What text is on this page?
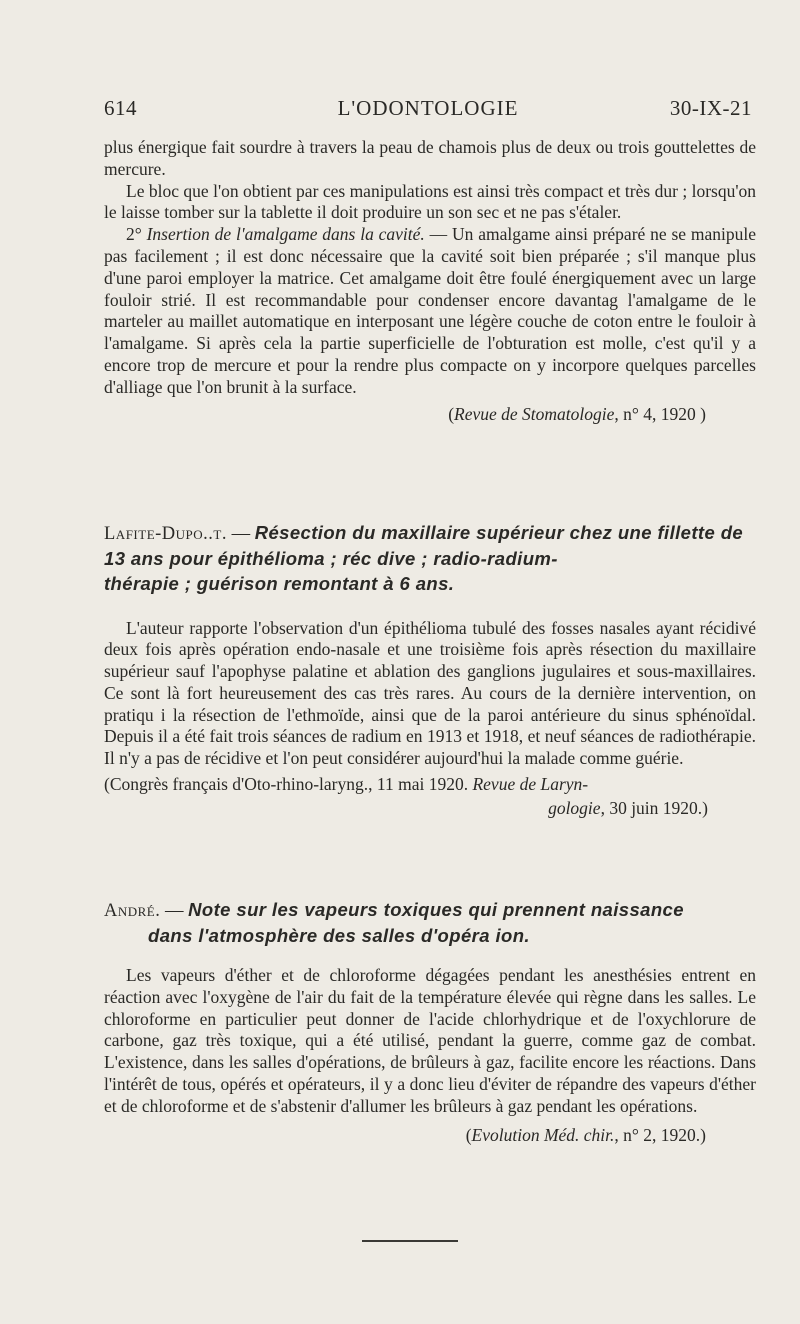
614	L'ODONTOLOGIE	30-IX-21

plus énergique fait sourdre à travers la peau de chamois plus de deux ou trois gouttelettes de mercure.

Le bloc que l'on obtient par ces manipulations est ainsi très compact et très dur ; lorsqu'on le laisse tomber sur la tablette il doit produire un son sec et ne pas s'étaler.

2° Insertion de l'amalgame dans la cavité. — Un amalgame ainsi préparé ne se manipule pas facilement ; il est donc nécessaire que la cavité soit bien préparée ; s'il manque plus d'une paroi employer la matrice. Cet amalgame doit être foulé énergiquement avec un large fouloir strié. Il est recommandable pour condenser encore davantag l'amalgame de le marteler au maillet automatique en interposant une légère couche de coton entre le fouloir à l'amalgame. Si après cela la partie superficielle de l'obturation est molle, c'est qu'il y a encore trop de mercure et pour la rendre plus compacte on y incorpore quelques parcelles d'alliage que l'on brunit à la surface.

(Revue de Stomatologie, n° 4, 1920 )

Lafite-Dupo..t. — Résection du maxillaire supérieur chez une fillette de 13 ans pour épithélioma ; réc dive ; radio-radium-
thérapie ; guérison remontant à 6 ans.

L'auteur rapporte l'observation d'un épithélioma tubulé des fosses nasales ayant récidivé deux fois après opération endo-nasale et une troisième fois après résection du maxillaire supérieur sauf l'apophyse palatine et ablation des ganglions jugulaires et sous-maxillaires. Ce sont là fort heureusement des cas très rares. Au cours de la dernière intervention, on pratiqu i la résection de l'ethmoïde, ainsi que de la paroi antérieure du sinus sphénoïdal. Depuis il a été fait trois séances de radium en 1913 et 1918, et neuf séances de radiothérapie. Il n'y a pas de récidive et l'on peut considérer aujourd'hui la malade comme guérie.

(Congrès français d'Oto-rhino-laryng., 11 mai 1920. Revue de Laryn-
gologie, 30 juin 1920.)

André. — Note sur les vapeurs toxiques qui prennent naissance
dans l'atmosphère des salles d'opéra ion.

Les vapeurs d'éther et de chloroforme dégagées pendant les anesthésies entrent en réaction avec l'oxygène de l'air du fait de la température élevée qui règne dans les salles. Le chloroforme en particulier peut donner de l'acide chlorhydrique et de l'oxychlorure de carbone, gaz très toxique, qui a été utilisé, pendant la guerre, comme gaz de combat. L'existence, dans les salles d'opérations, de brûleurs à gaz, facilite encore les réactions. Dans l'intérêt de tous, opérés et opérateurs, il y a donc lieu d'éviter de répandre des vapeurs d'éther et de chloroforme et de s'abstenir d'allumer les brûleurs à gaz pendant les opérations.

(Evolution Méd. chir., n° 2, 1920.)
